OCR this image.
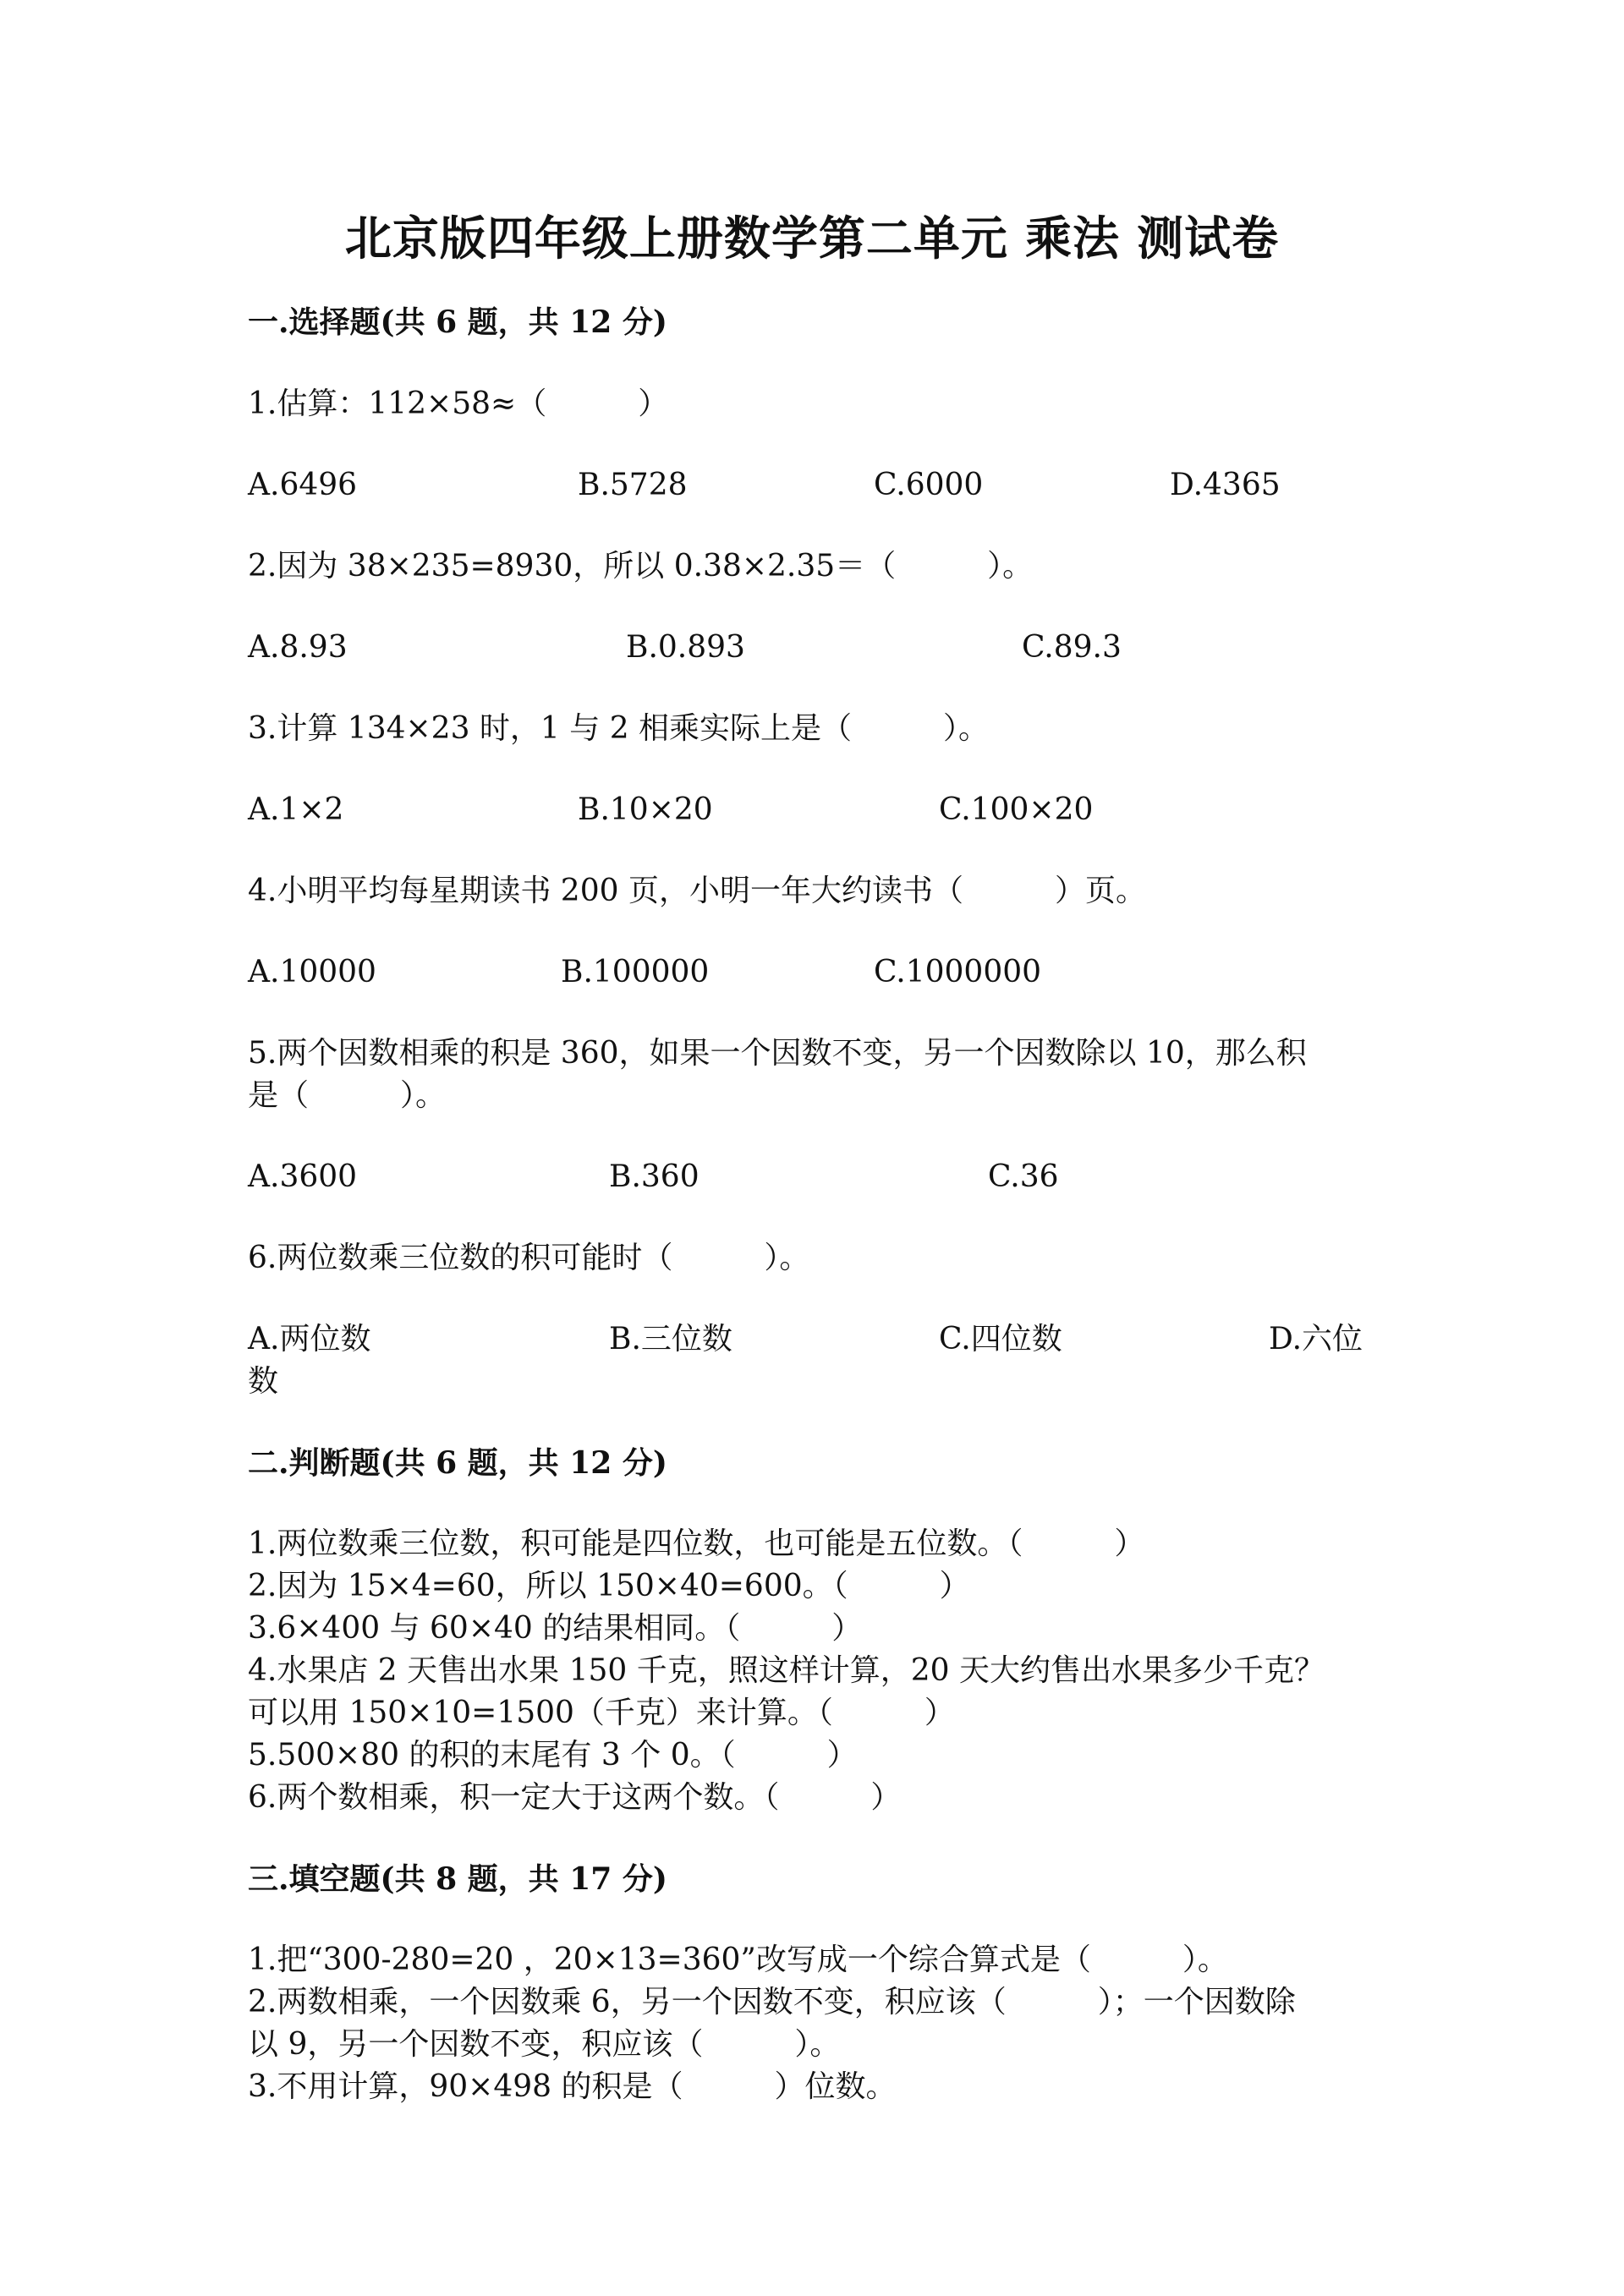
北京版四年级上册数学第二单元 乘法 测试卷
一.选择题(共 6 题，共 12 分)
1.估算：112×58≈（　　　）
A.6496	B.5728	C.6000	D.4365
2.因为 38×235=8930，所以 0.38×2.35＝（　　　）。
A.8.93	B.0.893	C.89.3
3.计算 134×23 时，1 与 2 相乘实际上是（　　　）。
A.1×2	B.10×20	C.100×20
4.小明平均每星期读书 200 页，小明一年大约读书（　　　）页。
A.10000	B.100000	C.1000000
5.两个因数相乘的积是 360，如果一个因数不变，另一个因数除以 10，那么积
是（　　　）。
A.3600	B.360	C.36
6.两位数乘三位数的积可能时（　　　）。
A.两位数	B.三位数	C.四位数	D.六位
数
二.判断题(共 6 题，共 12 分)
1.两位数乘三位数，积可能是四位数，也可能是五位数。（　　　）
2.因为 15×4=60，所以 150×40=600。（　　　）
3.6×400 与 60×40 的结果相同。（　　　）
4.水果店 2 天售出水果 150 千克，照这样计算，20 天大约售出水果多少千克？
可以用 150×10=1500（千克）来计算。（　　　）
5.500×80 的积的末尾有 3 个 0。（　　　）
6.两个数相乘，积一定大于这两个数。（　　　）
三.填空题(共 8 题，共 17 分)
1.把“300-280=20 ，20×13=360”改写成一个综合算式是（　　　）。
2.两数相乘，一个因数乘 6，另一个因数不变，积应该（　　　）；一个因数除
以 9，另一个因数不变，积应该（　　　）。
3.不用计算，90×498 的积是（　　　）位数。
